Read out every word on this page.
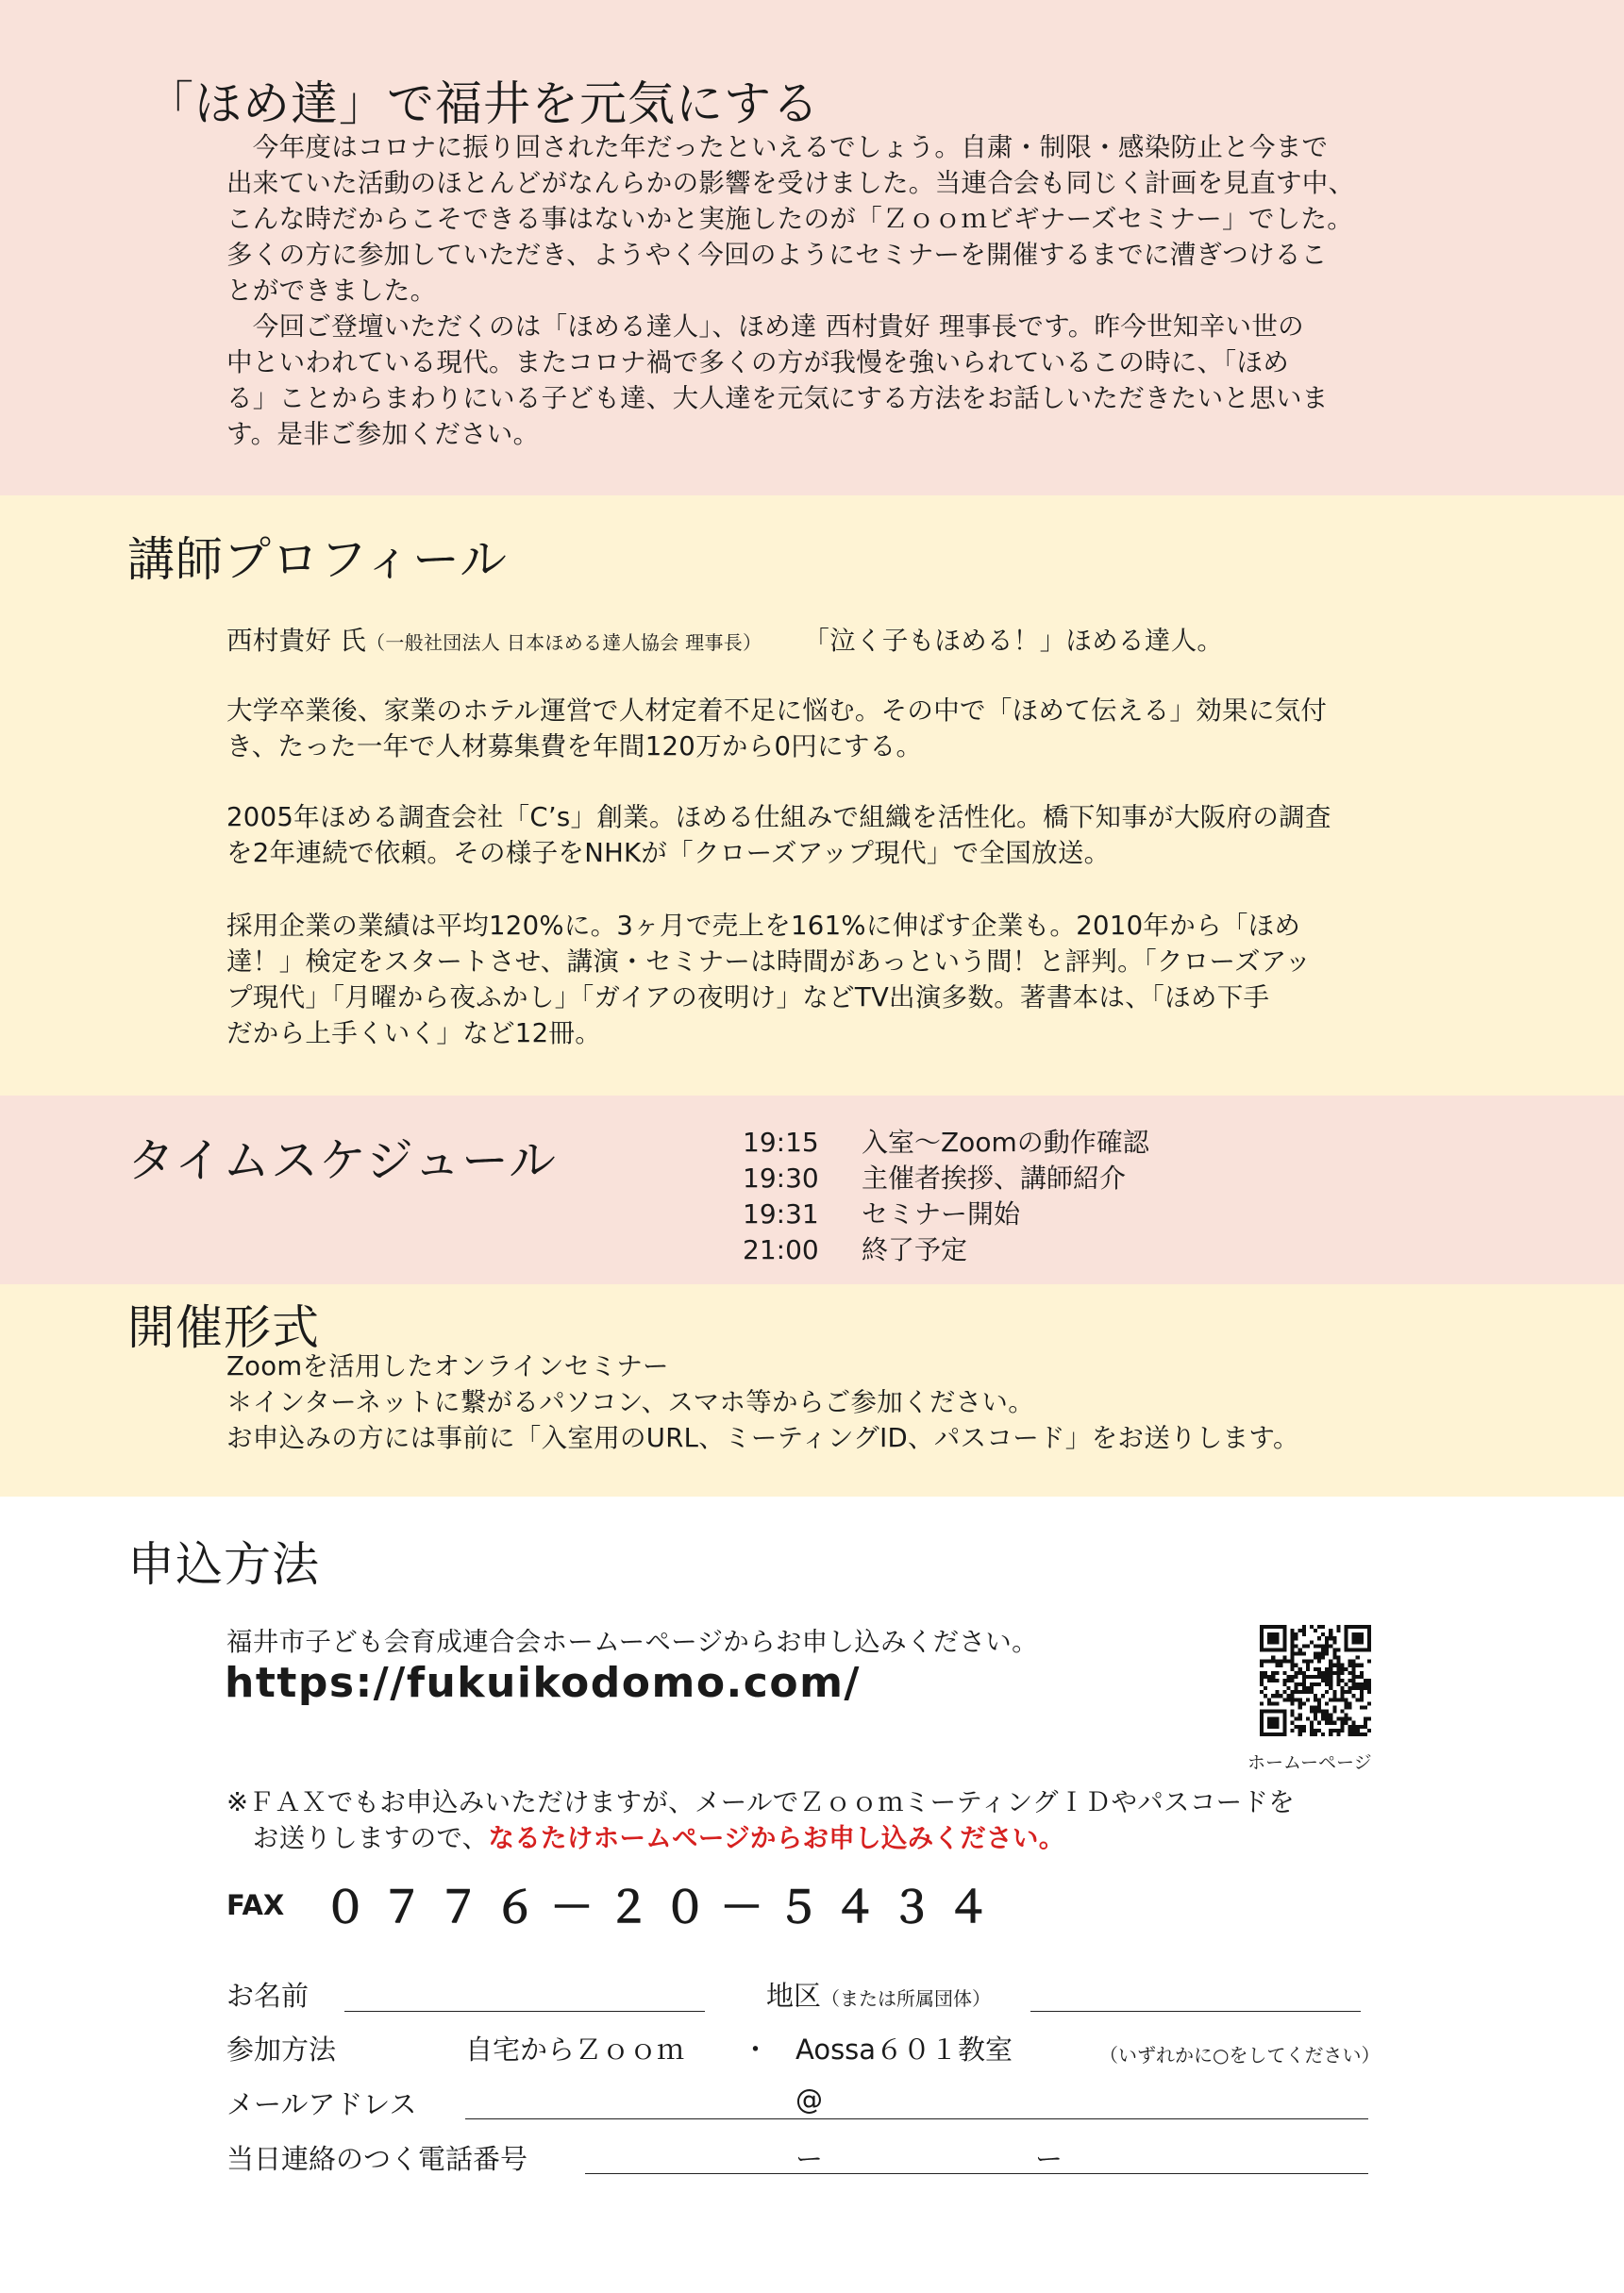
「ほめ達」で福井を元気にする
　今年度はコロナに振り回された年だったといえるでしょう。自粛・制限・感染防止と今まで
出来ていた活動のほとんどがなんらかの影響を受けました。当連合会も同じく計画を見直す中、
こんな時だからこそできる事はないかと実施したのが「Ｚｏｏｍビギナーズセミナー」でした。
多くの方に参加していただき、ようやく今回のようにセミナーを開催するまでに漕ぎつけるこ
とができました。
　今回ご登壇いただくのは「ほめる達人」、ほめ達 西村貴好 理事長です。昨今世知辛い世の
中といわれている現代。またコロナ禍で多くの方が我慢を強いられているこの時に、「ほめ
る」ことからまわりにいる子ども達、大人達を元気にする方法をお話しいただきたいと思いま
す。是非ご参加ください。
講師プロフィール
西村貴好 氏（一般社団法人 日本ほめる達人協会 理事長） 「泣く子もほめる！」ほめる達人。
大学卒業後、家業のホテル運営で人材定着不足に悩む。その中で「ほめて伝える」効果に気付
き、たった一年で人材募集費を年間120万から0円にする。
2005年ほめる調査会社「C’s」創業。ほめる仕組みで組織を活性化。橋下知事が大阪府の調査
を2年連続で依頼。その様子をNHKが「クローズアップ現代」で全国放送。
採用企業の業績は平均120%に。3ヶ月で売上を161%に伸ばす企業も。2010年から「ほめ
達！」検定をスタートさせ、講演・セミナーは時間があっという間！と評判。「クローズアッ
プ現代」「月曜から夜ふかし」「ガイアの夜明け」などTV出演多数。著書本は、「ほめ下手
だから上手くいく」など12冊。
タイムスケジュール	19:15	入室～Zoomの動作確認
19:30	主催者挨拶、講師紹介
19:31	セミナー開始
21:00	終了予定
開催形式
Zoomを活用したオンラインセミナー
＊インターネットに繋がるパソコン、スマホ等からご参加ください。
お申込みの方には事前に「入室用のURL、ミーティングID、パスコード」をお送りします。
申込方法
福井市子ども会育成連合会ホームーページからお申し込みください。
https://fukuikodomo.com/
ホームーページ
※ＦＡＸでもお申込みいただけますが、メールでＺｏｏｍミーティングＩＤやパスコードを
　お送りしますので、なるたけホームページからお申し込みください。
FAX ０７７６－２０－５４３４
お名前	地区（または所属団体）
参加方法	自宅からＺｏｏｍ ・ Aossa６０１教室	（いずれかに○をしてください）
メールアドレス	@
当日連絡のつく電話番号	ー	ー
